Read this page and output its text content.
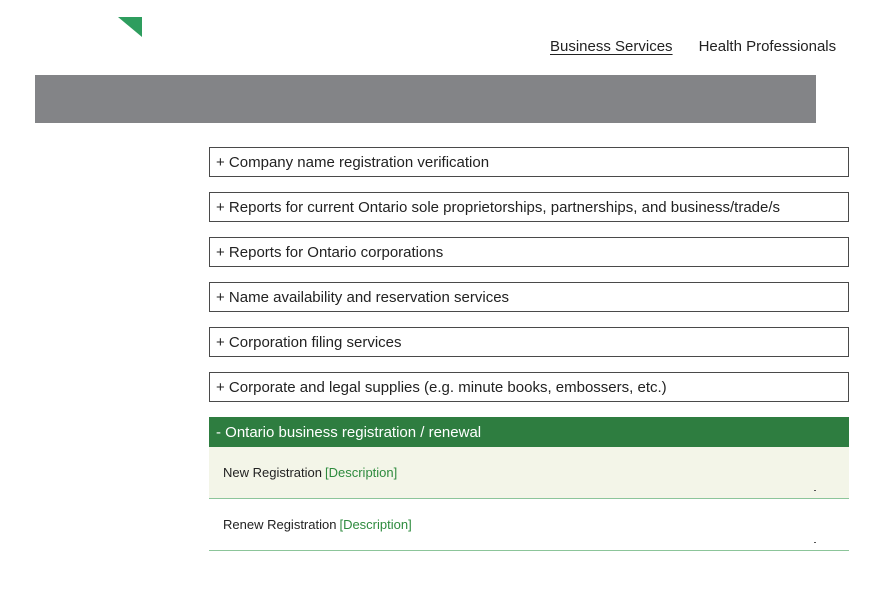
Business Services Health Professionals
+ Company name registration verification
+ Reports for current Ontario sole proprietorships, partnerships, and business/trade/s
+ Reports for Ontario corporations
+ Name availability and reservation services
+ Corporation filing services
+ Corporate and legal supplies (e.g. minute books, embossers, etc.)
- Ontario business registration / renewal
New Registration [Description]
Renew Registration [Description]
